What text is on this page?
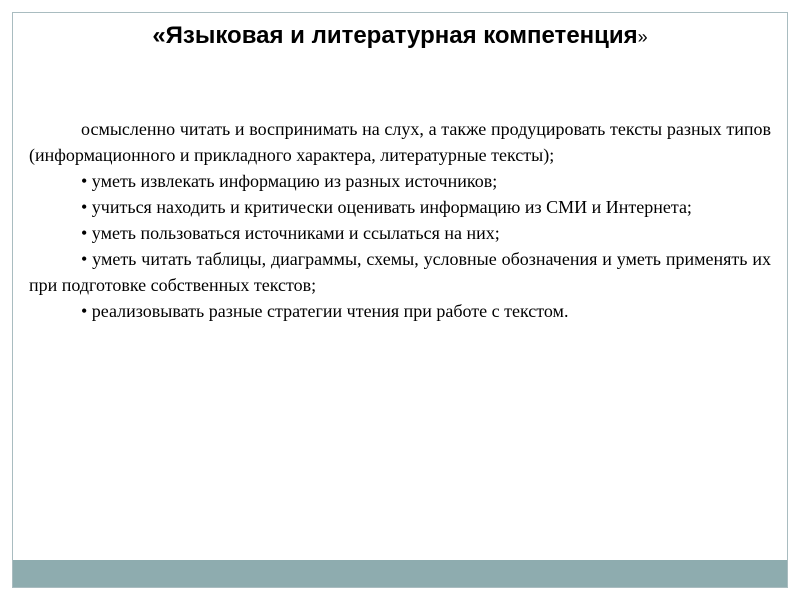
«Языковая и литературная компетенция»

осмысленно читать и воспринимать на слух, а также продуцировать тексты разных типов (информационного и прикладного характера, литературные тексты);

• уметь извлекать информацию из разных источников;

• учиться находить и критически оценивать информацию из СМИ и Интернета;

• уметь пользоваться источниками и ссылаться на них;

• уметь читать таблицы, диаграммы, схемы, условные обозначения и уметь применять их при подготовке собственных текстов;

• реализовывать разные стратегии чтения при работе с текстом.
